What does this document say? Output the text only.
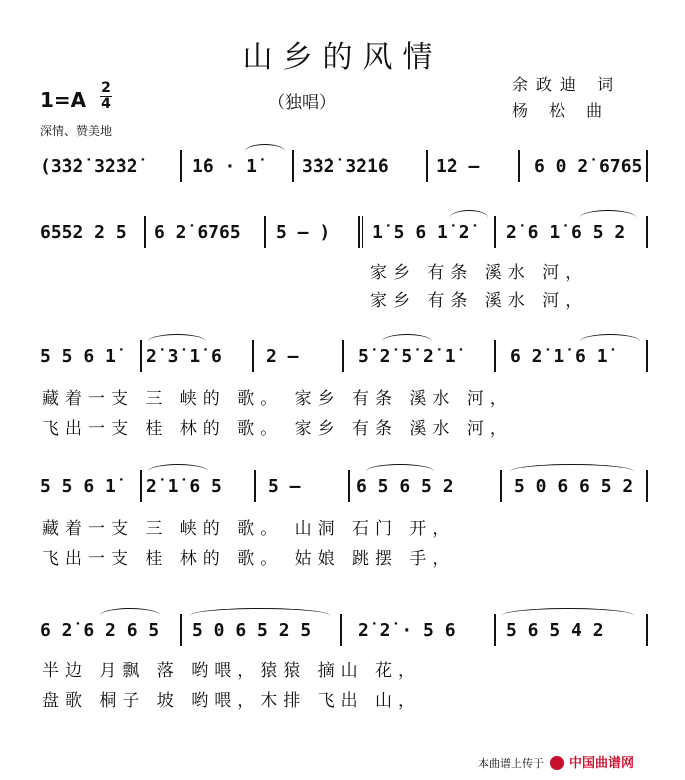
山乡的风情
1=A 2
4	（独唱）
余政迪 词
杨 松 曲
深情、赞美地
(3̇3̇2̇ 3̇2̇3̇2̇	1̇6 · 1̇ 3̇3̇2̇ 3̇2̇1̇6	1̇2 —	6 0 2̇ 6765
6552 2 5 6 2̇ 6765 5 — ) 1̇ 5 6 1̇ 2̇ 2̇ 6 1̇ 6 5 2
家乡 有条 溪水 河，
家乡 有条 溪水 河，
5 5 6 1̇ 2̇ 3̇ 1̇ 6 2 —	5̇ 2̇ 5̇ 2̇ 1̇	6 2̇ 1̇ 6 1̇
藏着一支 三 峡的 歌。 家乡 有条 溪水 河，
飞出一支 桂 林的 歌。 家乡 有条 溪水 河，
5 5 6 1̇ 2̇ 1̇ 6 5	5 —	6 5 6 5 2	5 0 6 6 5 2
藏着一支 三 峡的 歌。 山洞 石门 开，
飞出一支 桂 林的 歌。 姑娘 跳摆 手，
6 2̇ 6 2 6 5 5 0 6 5 2 5	2̇ 2̇ · 5 6	5 6 5 4 2
半边 月飘 落 哟喂，猿猿 摘山 花，
盘歌 桐子 坡 哟喂，木排 飞出 山，
本曲谱上传于 中国曲谱网
